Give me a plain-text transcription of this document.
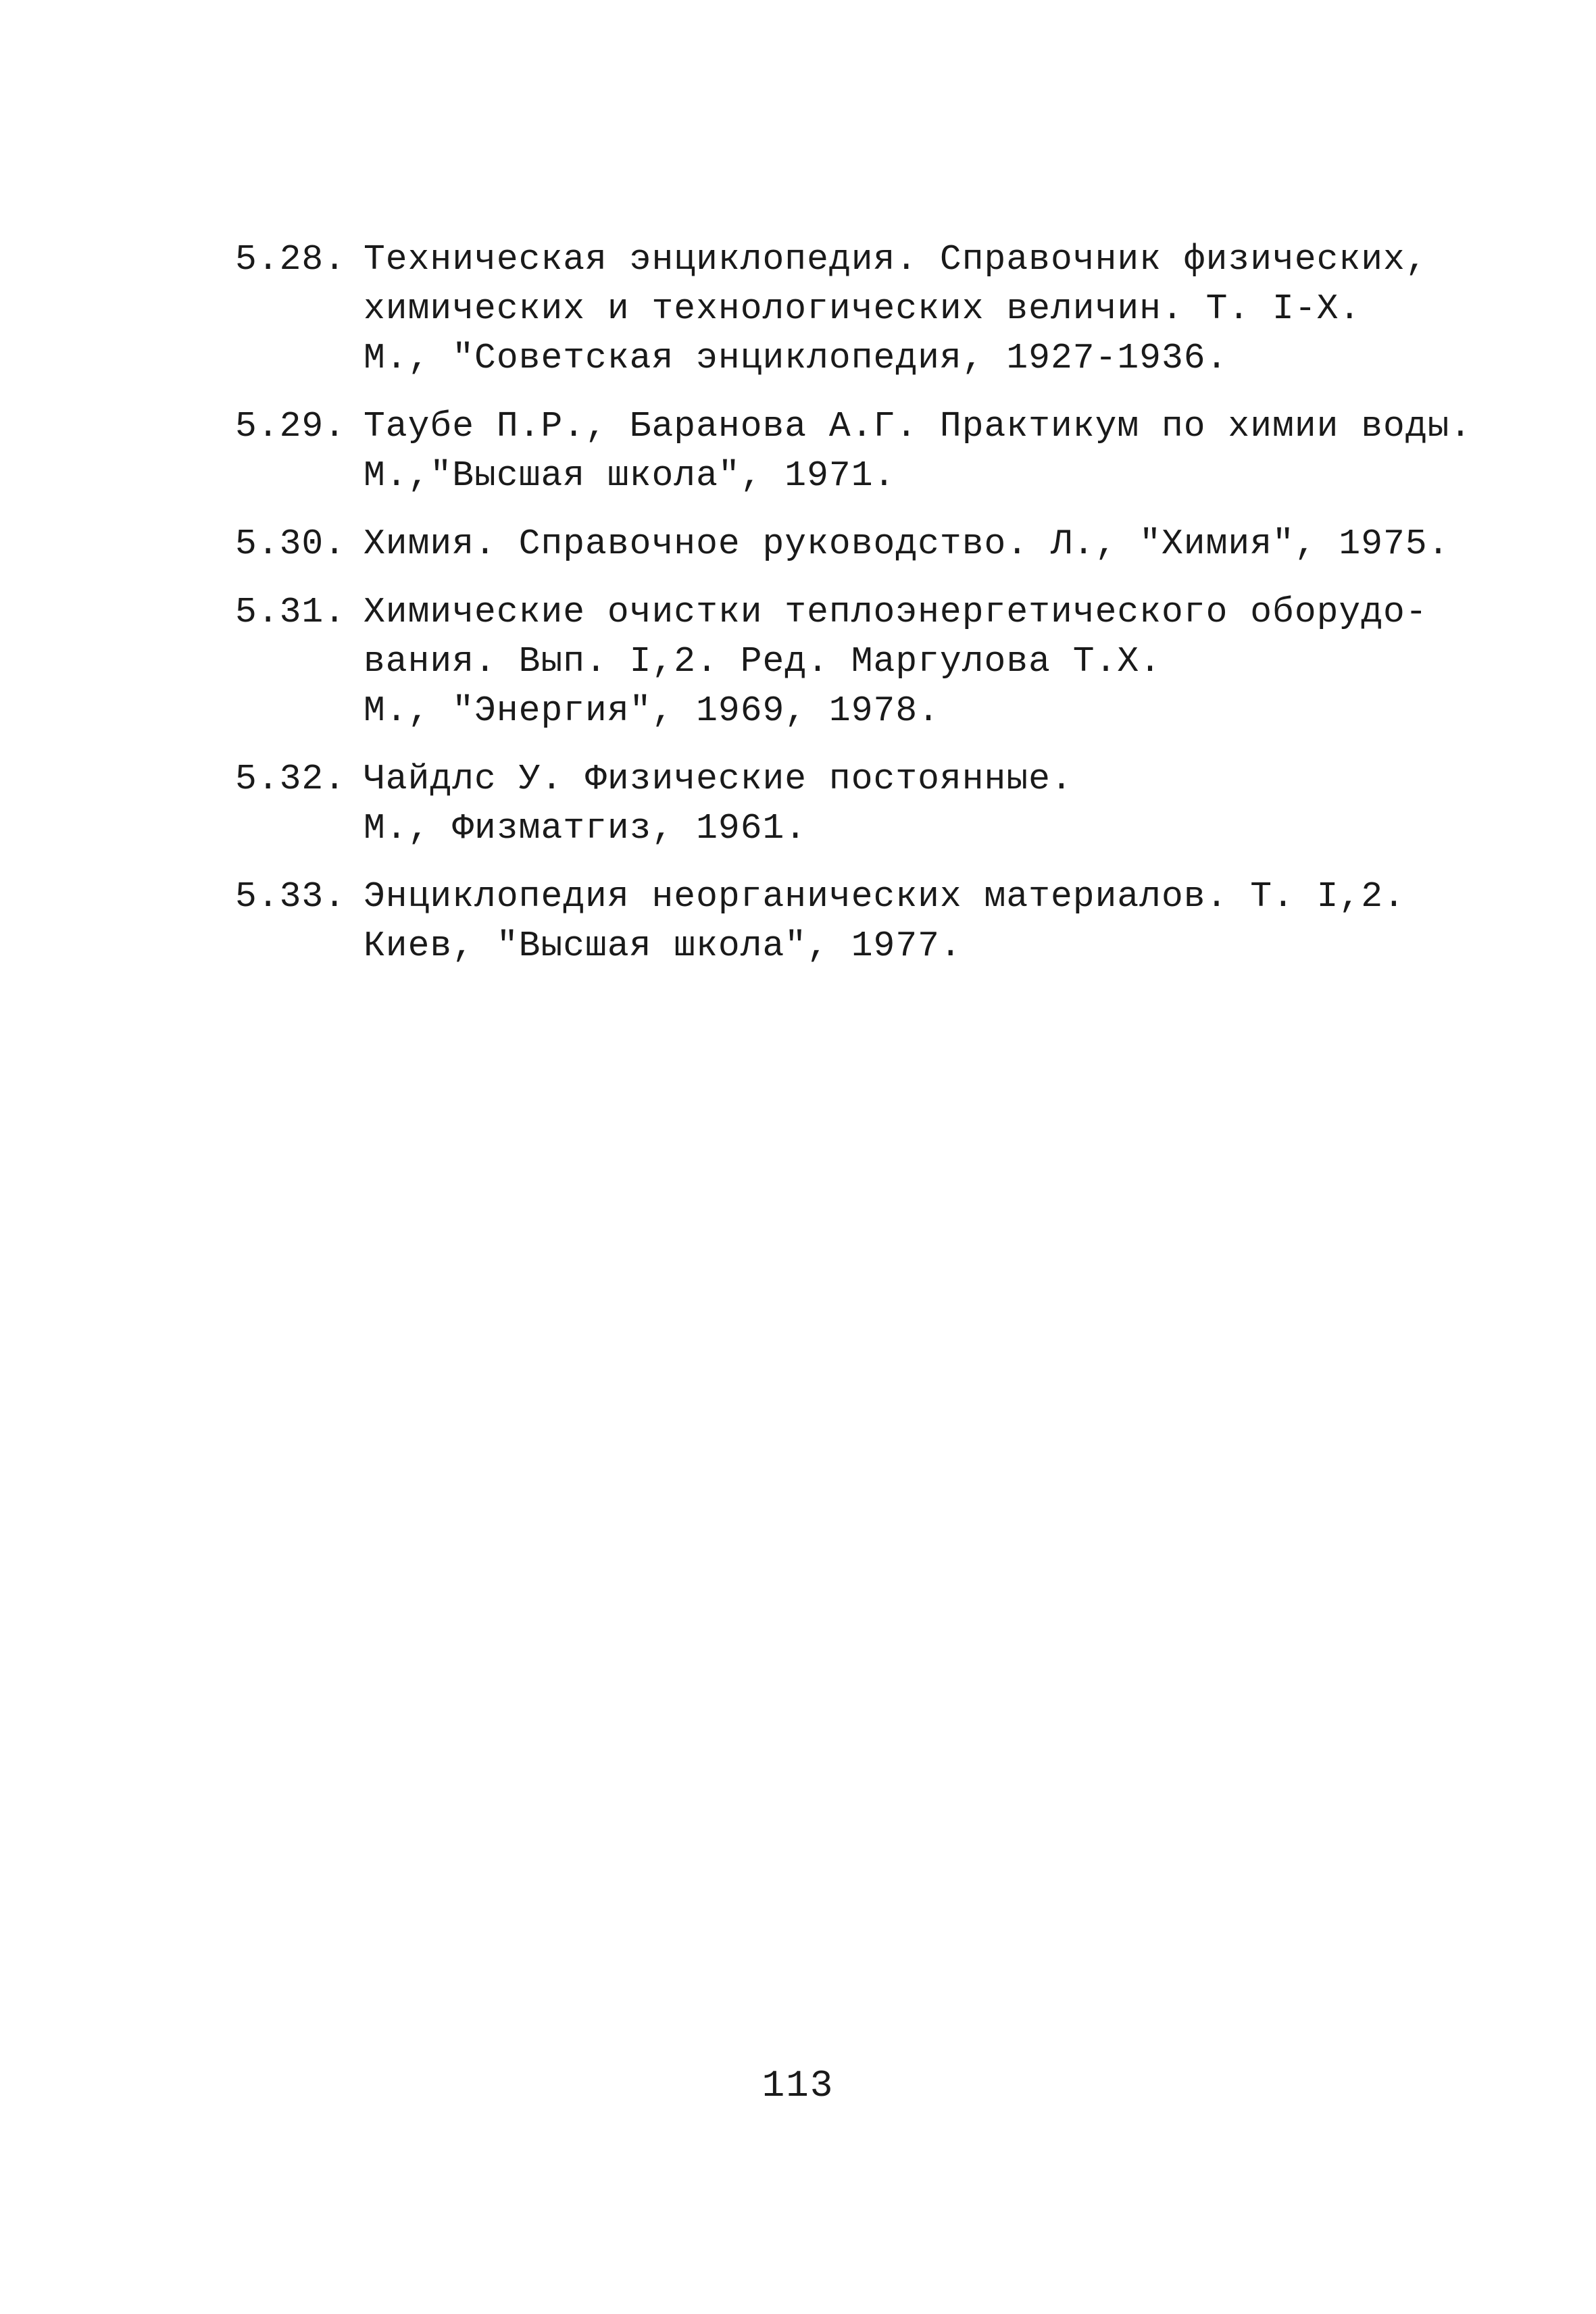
5.28. Техническая энциклопедия. Справочник физических,
химических и технологических величин. Т. I-X.
М., "Советская энциклопедия, 1927-1936.
5.29. Таубе П.Р., Баранова А.Г. Практикум по химии воды.
М.,"Высшая школа", 1971.
5.30. Химия. Справочное руководство. Л., "Химия", 1975.
5.31. Химические очистки теплоэнергетического оборудо-
вания. Вып. I,2. Ред. Маргулова Т.Х.
М., "Энергия", 1969, 1978.
5.32. Чайдлс У. Физические постоянные.
М., Физматгиз, 1961.
5.33. Энциклопедия неорганических материалов. Т. I,2.
Киев, "Высшая школа", 1977.
113
